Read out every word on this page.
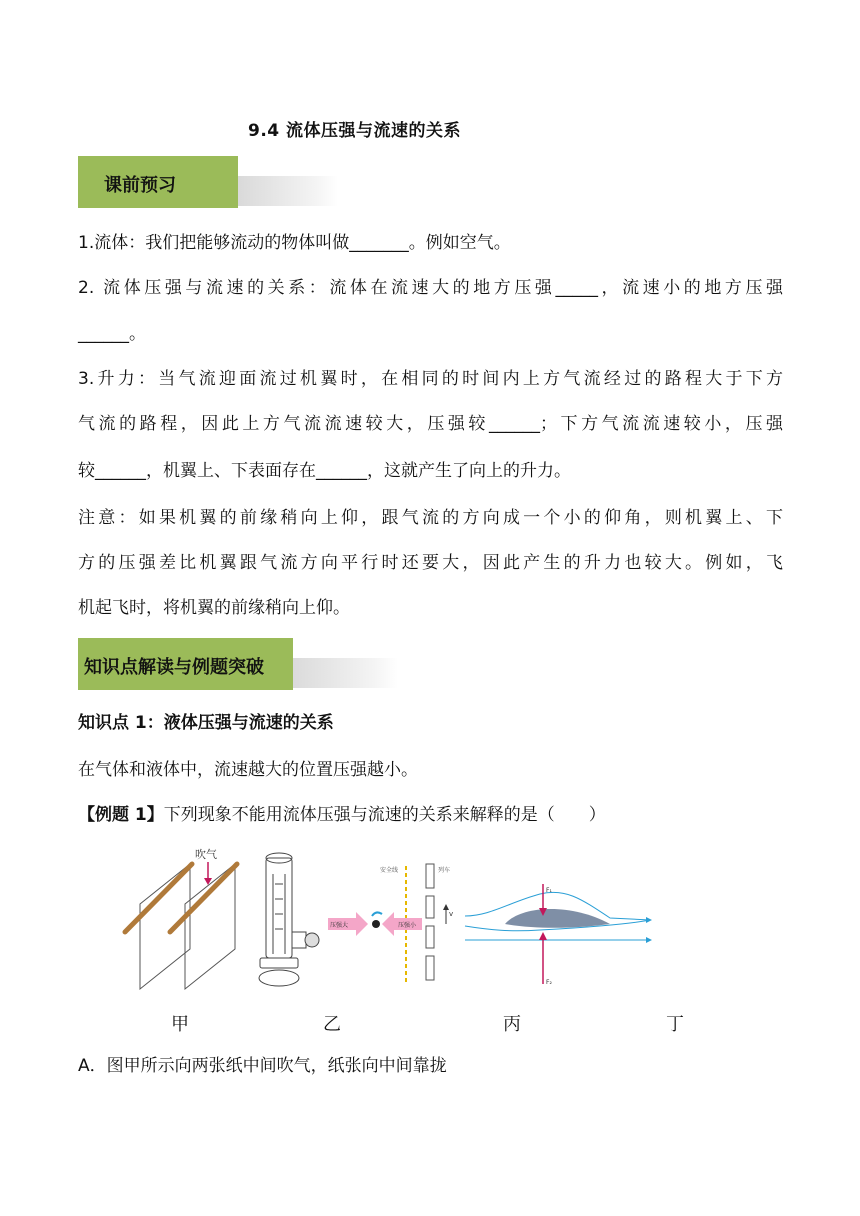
9.4 流体压强与流速的关系
课前预习
1.流体：我们把能够流动的物体叫做_______。例如空气。
2. 流体压强与流速的关系：流体在流速大的地方压强_____，流速小的地方压强
______。
3.升力：当气流迎面流过机翼时，在相同的时间内上方气流经过的路程大于下方
气流的路程，因此上方气流流速较大，压强较______；下方气流流速较小，压强
较______，机翼上、下表面存在______，这就产生了向上的升力。
注意：如果机翼的前缘稍向上仰，跟气流的方向成一个小的仰角，则机翼上、下
方的压强差比机翼跟气流方向平行时还要大，因此产生的升力也较大。例如，飞
机起飞时，将机翼的前缘稍向上仰。
知识点解读与例题突破
知识点 1：液体压强与流速的关系
在气体和液体中，流速越大的位置压强越小。
【例题 1】下列现象不能用流体压强与流速的关系来解释的是（　　）
吹气
安全线	列车
v
压强大	压强小
F₁
F₂
甲	乙	丙	丁
A．图甲所示向两张纸中间吹气，纸张向中间靠拢
